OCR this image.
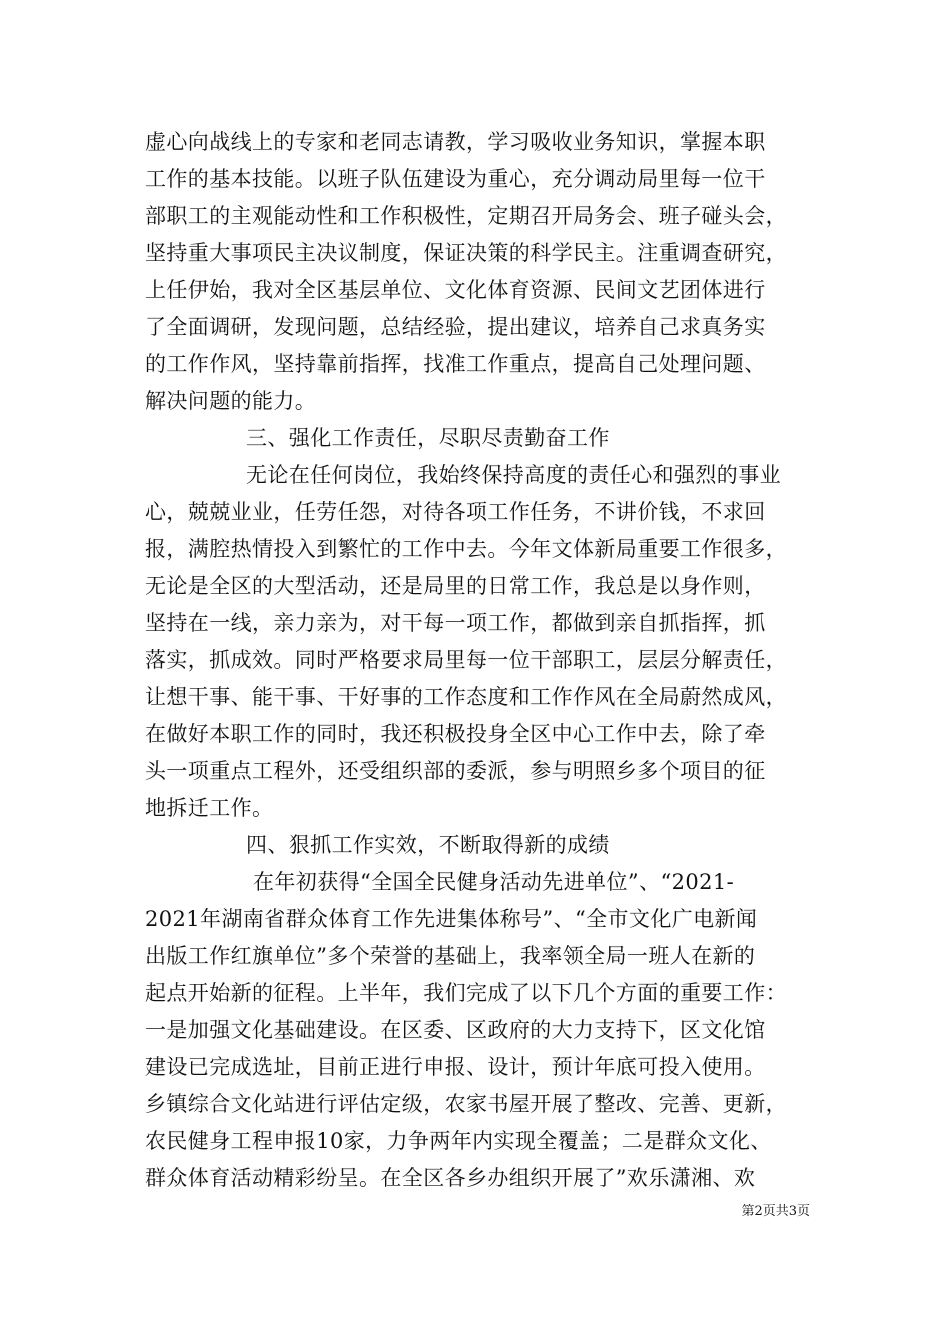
虚心向战线上的专家和老同志请教，学习吸收业务知识，掌握本职
工作的基本技能。以班子队伍建设为重心，充分调动局里每一位干
部职工的主观能动性和工作积极性，定期召开局务会、班子碰头会，
坚持重大事项民主决议制度，保证决策的科学民主。注重调查研究，
上任伊始，我对全区基层单位、文化体育资源、民间文艺团体进行
了全面调研，发现问题，总结经验，提出建议，培养自己求真务实
的工作作风，坚持靠前指挥，找准工作重点，提高自己处理问题、
解决问题的能力。
三、强化工作责任，尽职尽责勤奋工作
无论在任何岗位，我始终保持高度的责任心和强烈的事业
心，兢兢业业，任劳任怨，对待各项工作任务，不讲价钱，不求回
报，满腔热情投入到繁忙的工作中去。今年文体新局重要工作很多，
无论是全区的大型活动，还是局里的日常工作，我总是以身作则，
坚持在一线，亲力亲为，对干每一项工作，都做到亲自抓指挥，抓
落实，抓成效。同时严格要求局里每一位干部职工，层层分解责任，
让想干事、能干事、干好事的工作态度和工作作风在全局蔚然成风，
在做好本职工作的同时，我还积极投身全区中心工作中去，除了牵
头一项重点工程外，还受组织部的委派，参与明照乡多个项目的征
地拆迁工作。
四、狠抓工作实效，不断取得新的成绩
在年初获得“全国全民健身活动先进单位”、“2021-
2021年湖南省群众体育工作先进集体称号”、“全市文化广电新闻
出版工作红旗单位”多个荣誉的基础上，我率领全局一班人在新的
起点开始新的征程。上半年，我们完成了以下几个方面的重要工作：
一是加强文化基础建设。在区委、区政府的大力支持下，区文化馆
建设已完成选址，目前正进行申报、设计，预计年底可投入使用。
乡镇综合文化站进行评估定级，农家书屋开展了整改、完善、更新，
农民健身工程申报10家，力争两年内实现全覆盖；二是群众文化、
群众体育活动精彩纷呈。在全区各乡办组织开展了”欢乐潇湘、欢
第2页共3页
